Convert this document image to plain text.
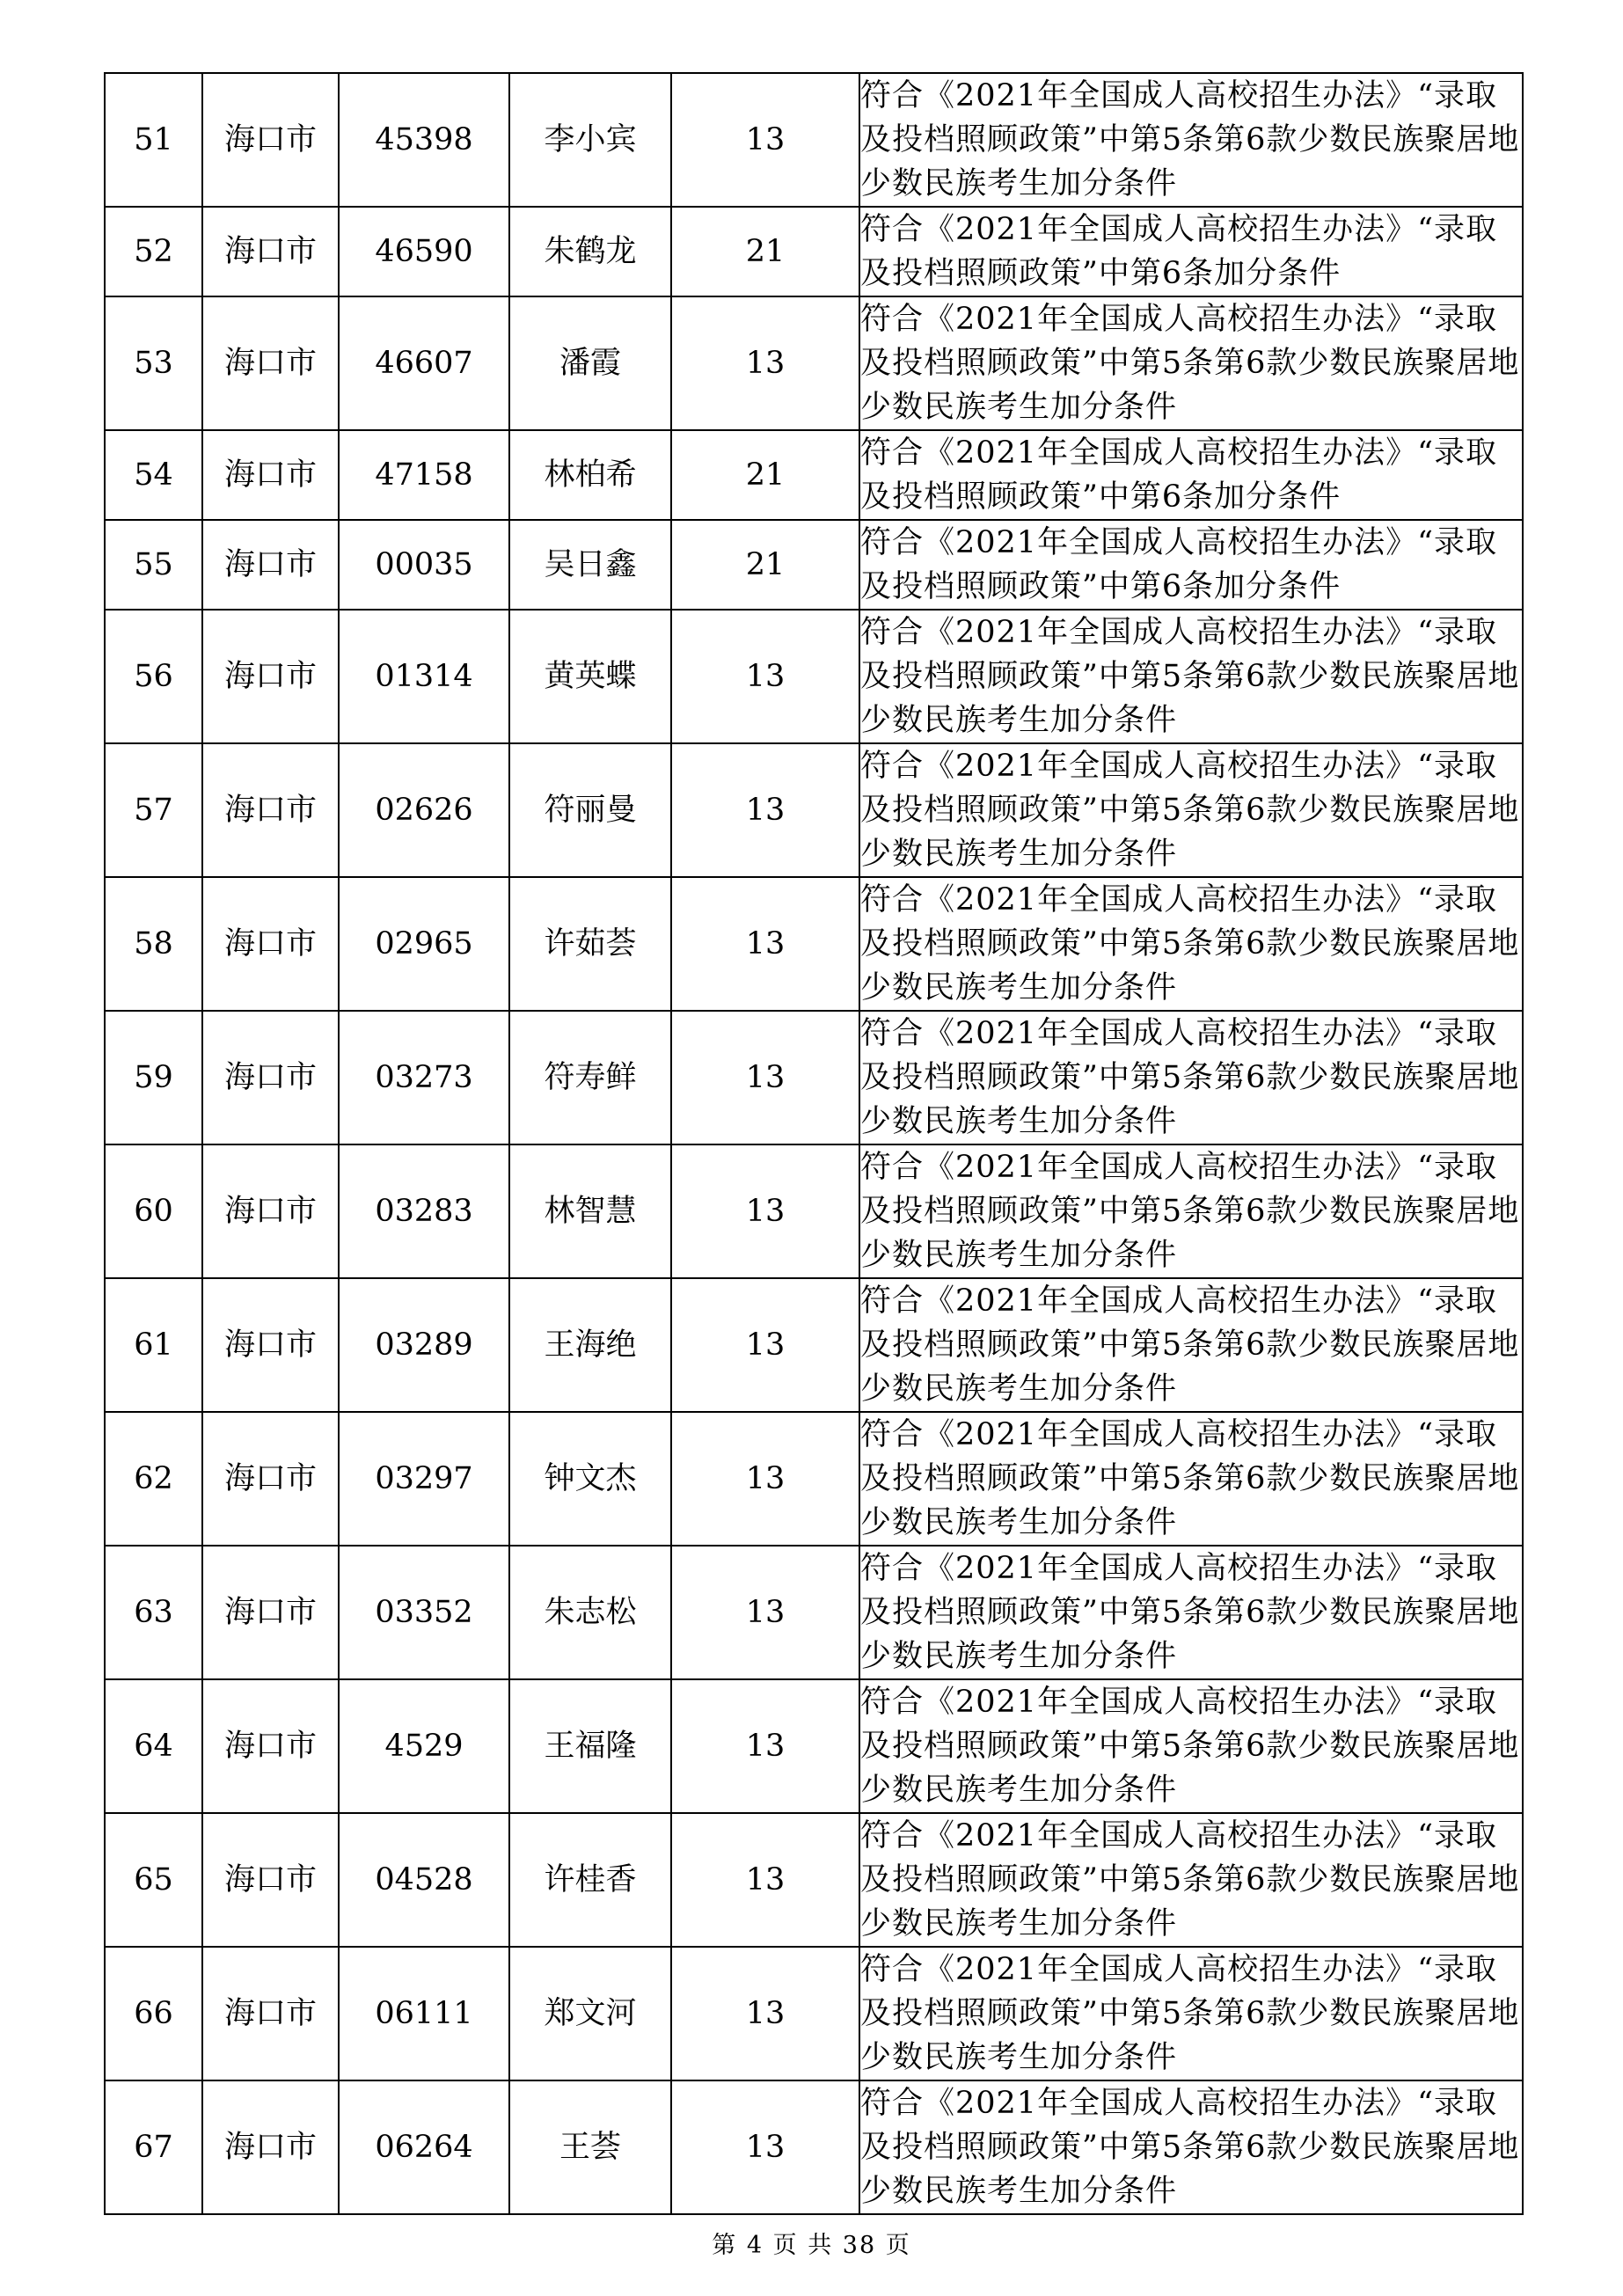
51	海口市	45398	李小宾	13	符合《2021年全国成人高校招生办法》“录取及投档照顾政策”中第5条第6款少数民族聚居地少数民族考生加分条件
52	海口市	46590	朱鹤龙	21	符合《2021年全国成人高校招生办法》“录取及投档照顾政策”中第6条加分条件
53	海口市	46607	潘霞	13	符合《2021年全国成人高校招生办法》“录取及投档照顾政策”中第5条第6款少数民族聚居地少数民族考生加分条件
54	海口市	47158	林柏希	21	符合《2021年全国成人高校招生办法》“录取及投档照顾政策”中第6条加分条件
55	海口市	00035	吴日鑫	21	符合《2021年全国成人高校招生办法》“录取及投档照顾政策”中第6条加分条件
56	海口市	01314	黄英蝶	13	符合《2021年全国成人高校招生办法》“录取及投档照顾政策”中第5条第6款少数民族聚居地少数民族考生加分条件
57	海口市	02626	符丽曼	13	符合《2021年全国成人高校招生办法》“录取及投档照顾政策”中第5条第6款少数民族聚居地少数民族考生加分条件
58	海口市	02965	许茹荟	13	符合《2021年全国成人高校招生办法》“录取及投档照顾政策”中第5条第6款少数民族聚居地少数民族考生加分条件
59	海口市	03273	符寿鲜	13	符合《2021年全国成人高校招生办法》“录取及投档照顾政策”中第5条第6款少数民族聚居地少数民族考生加分条件
60	海口市	03283	林智慧	13	符合《2021年全国成人高校招生办法》“录取及投档照顾政策”中第5条第6款少数民族聚居地少数民族考生加分条件
61	海口市	03289	王海绝	13	符合《2021年全国成人高校招生办法》“录取及投档照顾政策”中第5条第6款少数民族聚居地少数民族考生加分条件
62	海口市	03297	钟文杰	13	符合《2021年全国成人高校招生办法》“录取及投档照顾政策”中第5条第6款少数民族聚居地少数民族考生加分条件
63	海口市	03352	朱志松	13	符合《2021年全国成人高校招生办法》“录取及投档照顾政策”中第5条第6款少数民族聚居地少数民族考生加分条件
64	海口市	4529	王福隆	13	符合《2021年全国成人高校招生办法》“录取及投档照顾政策”中第5条第6款少数民族聚居地少数民族考生加分条件
65	海口市	04528	许桂香	13	符合《2021年全国成人高校招生办法》“录取及投档照顾政策”中第5条第6款少数民族聚居地少数民族考生加分条件
66	海口市	06111	郑文河	13	符合《2021年全国成人高校招生办法》“录取及投档照顾政策”中第5条第6款少数民族聚居地少数民族考生加分条件
67	海口市	06264	王荟	13	符合《2021年全国成人高校招生办法》“录取及投档照顾政策”中第5条第6款少数民族聚居地少数民族考生加分条件
第 4 页 共 38 页
